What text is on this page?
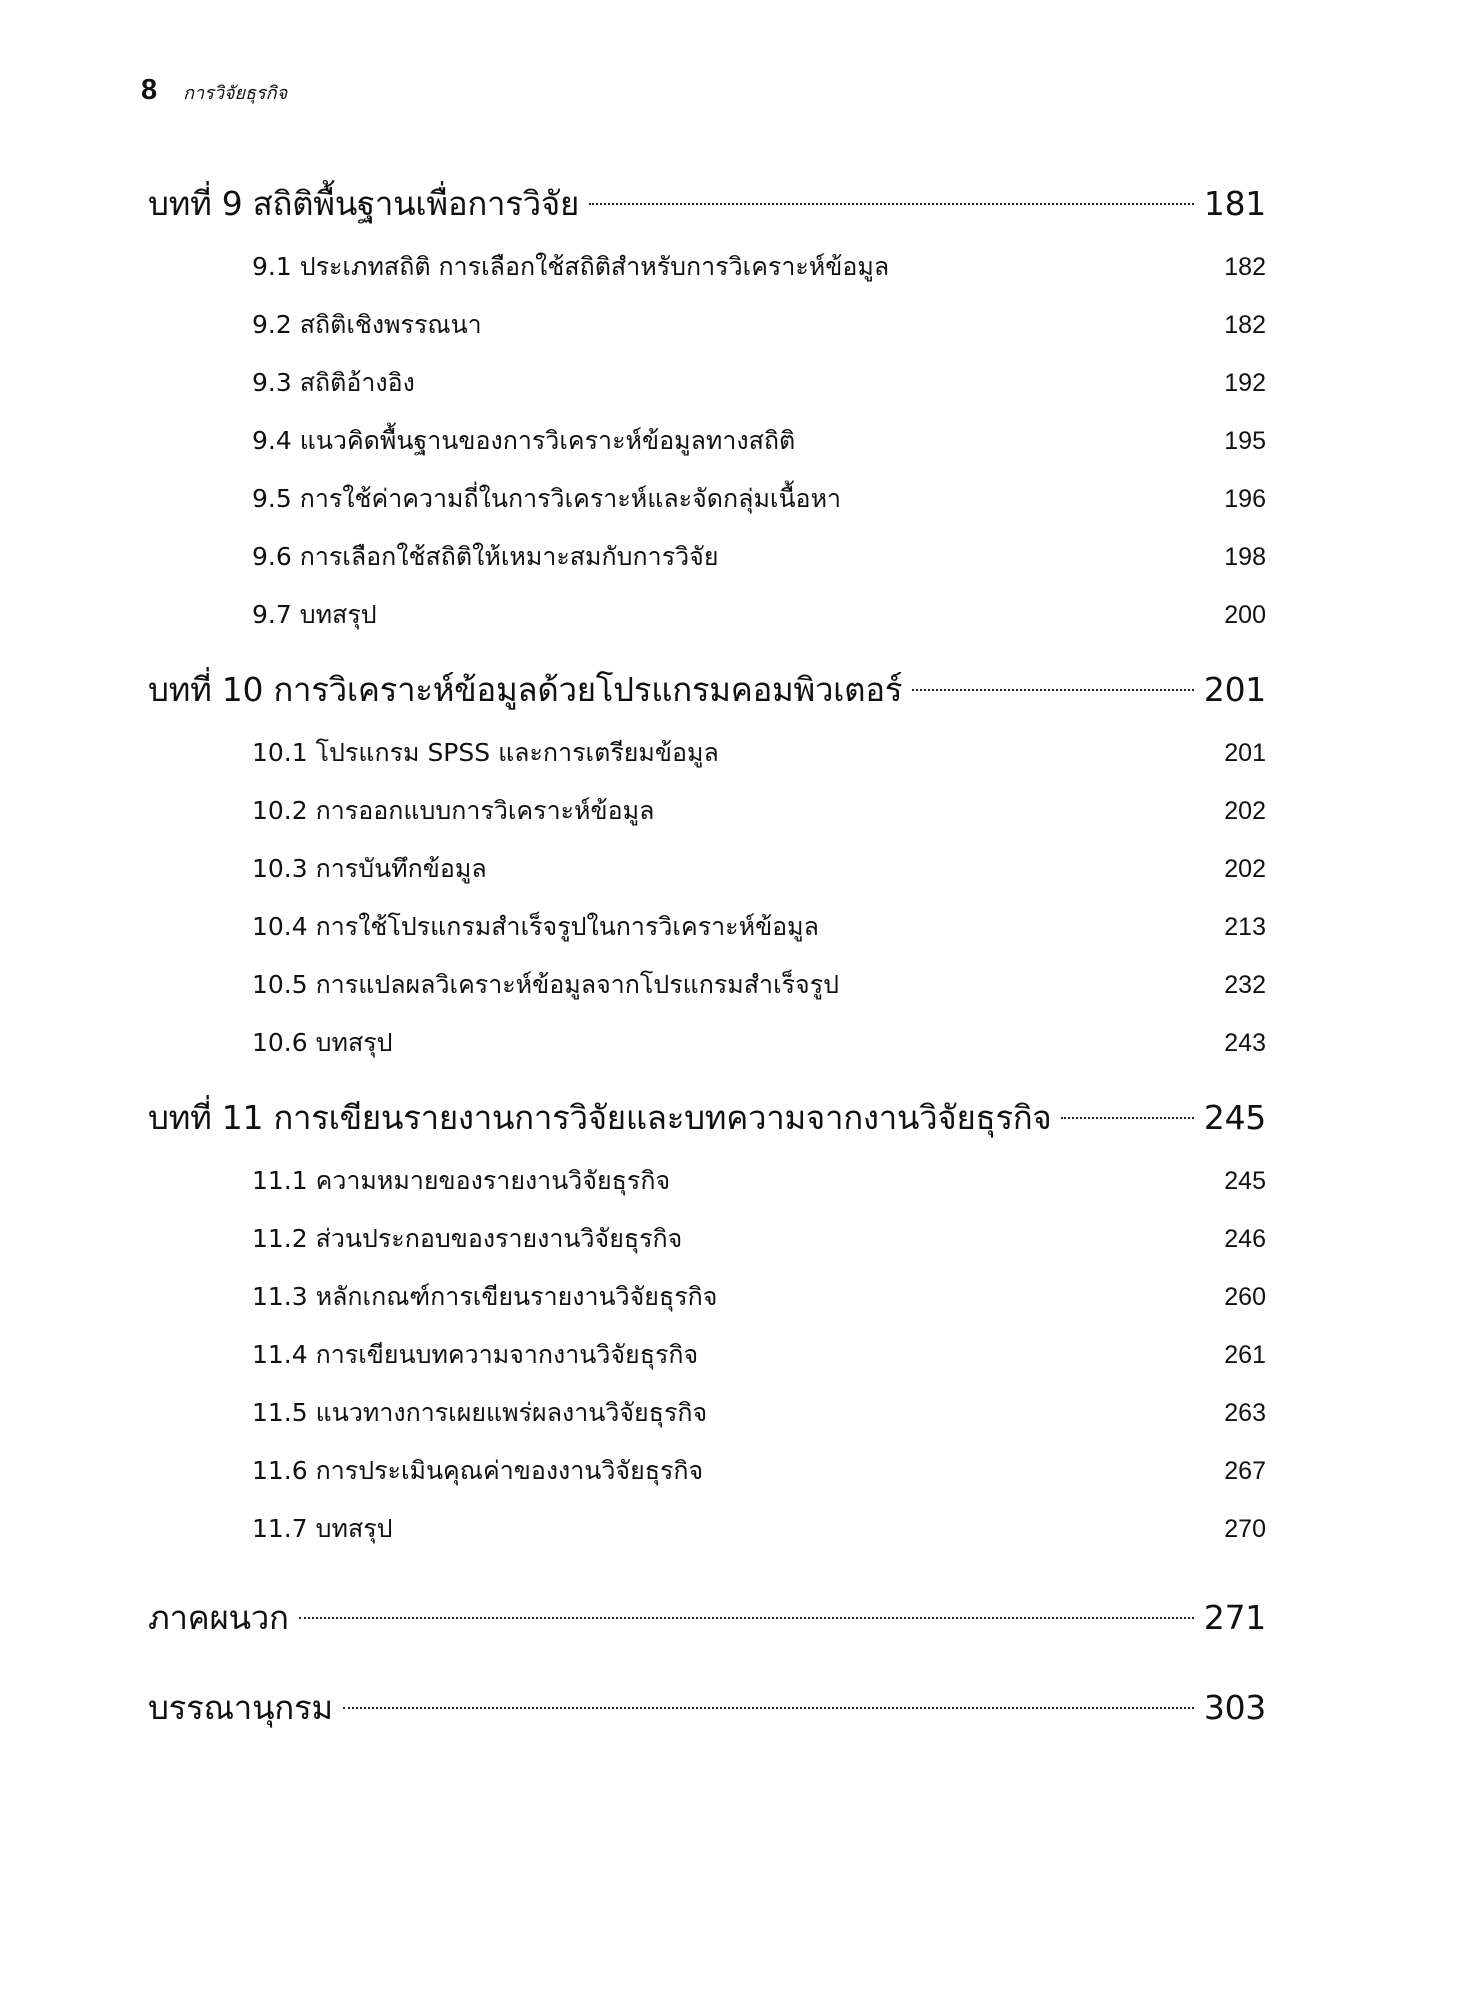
8 การวิจัยธุรกิจ
บทที่ 9 สถิติพื้นฐานเพื่อการวิจัย	181
9.1 ประเภทสถิติ การเลือกใช้สถิติสำหรับการวิเคราะห์ข้อมูล	182
9.2 สถิติเชิงพรรณนา	182
9.3 สถิติอ้างอิง	192
9.4 แนวคิดพื้นฐานของการวิเคราะห์ข้อมูลทางสถิติ	195
9.5 การใช้ค่าความถี่ในการวิเคราะห์และจัดกลุ่มเนื้อหา	196
9.6 การเลือกใช้สถิติให้เหมาะสมกับการวิจัย	198
9.7 บทสรุป	200
บทที่ 10 การวิเคราะห์ข้อมูลด้วยโปรแกรมคอมพิวเตอร์	201
10.1 โปรแกรม SPSS และการเตรียมข้อมูล	201
10.2 การออกแบบการวิเคราะห์ข้อมูล	202
10.3 การบันทึกข้อมูล	202
10.4 การใช้โปรแกรมสำเร็จรูปในการวิเคราะห์ข้อมูล	213
10.5 การแปลผลวิเคราะห์ข้อมูลจากโปรแกรมสำเร็จรูป	232
10.6 บทสรุป	243
บทที่ 11 การเขียนรายงานการวิจัยและบทความจากงานวิจัยธุรกิจ	245
11.1 ความหมายของรายงานวิจัยธุรกิจ	245
11.2 ส่วนประกอบของรายงานวิจัยธุรกิจ	246
11.3 หลักเกณฑ์การเขียนรายงานวิจัยธุรกิจ	260
11.4 การเขียนบทความจากงานวิจัยธุรกิจ	261
11.5 แนวทางการเผยแพร่ผลงานวิจัยธุรกิจ	263
11.6 การประเมินคุณค่าของงานวิจัยธุรกิจ	267
11.7 บทสรุป	270
ภาคผนวก	271
บรรณานุกรม	303
